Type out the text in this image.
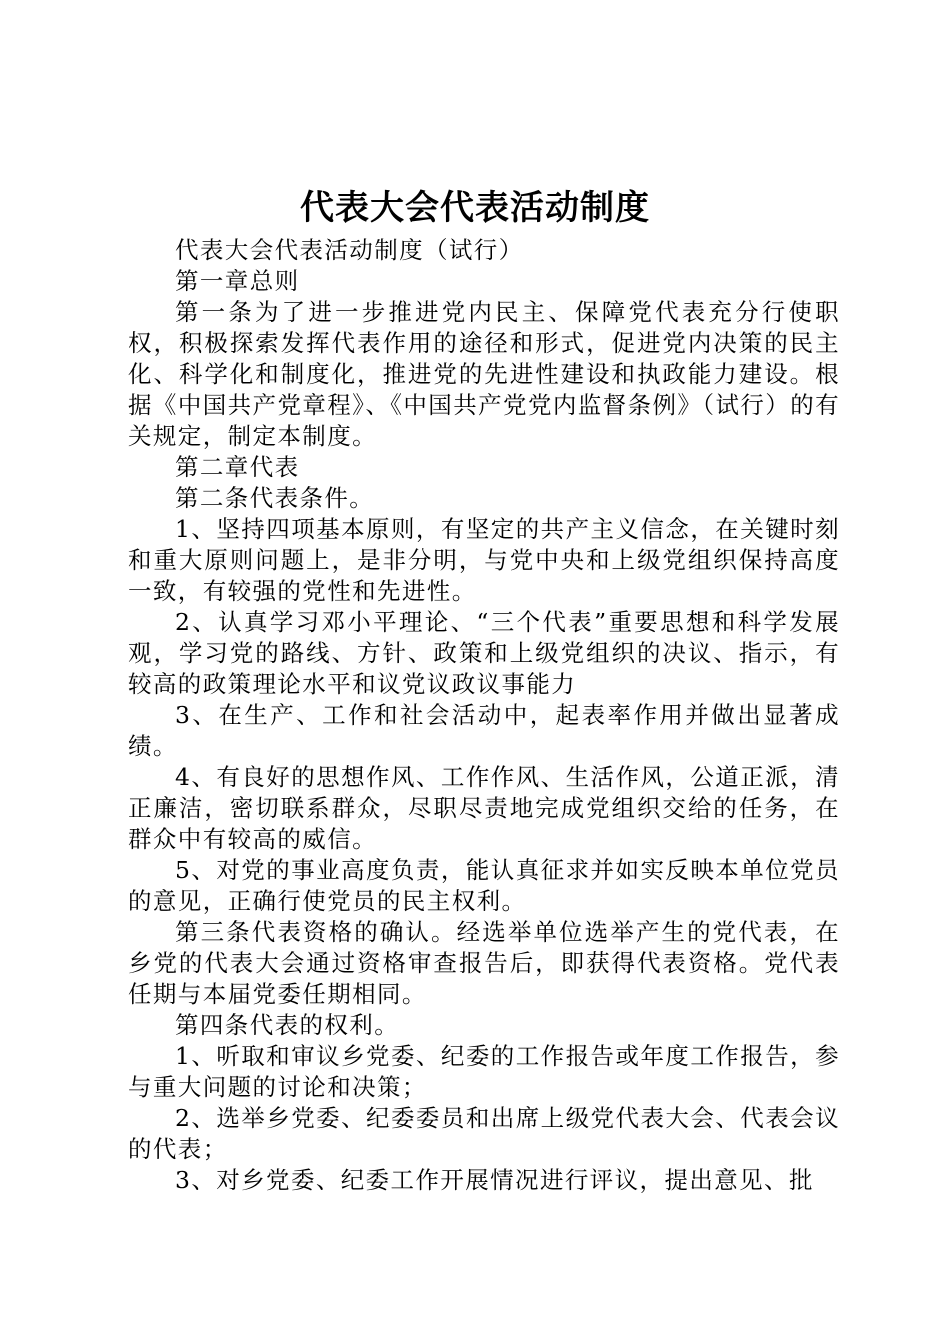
代表大会代表活动制度

代表大会代表活动制度（试行）

第一章总则

第一条为了进一步推进党内民主、保障党代表充分行使职权，积极探索发挥代表作用的途径和形式，促进党内决策的民主化、科学化和制度化，推进党的先进性建设和执政能力建设。根据《中国共产党章程》、《中国共产党党内监督条例》（试行）的有关规定，制定本制度。

第二章代表

第二条代表条件。

1、坚持四项基本原则，有坚定的共产主义信念，在关键时刻和重大原则问题上，是非分明，与党中央和上级党组织保持高度一致，有较强的党性和先进性。

2、认真学习邓小平理论、“三个代表”重要思想和科学发展观，学习党的路线、方针、政策和上级党组织的决议、指示，有较高的政策理论水平和议党议政议事能力

3、在生产、工作和社会活动中，起表率作用并做出显著成绩。

4、有良好的思想作风、工作作风、生活作风，公道正派，清正廉洁，密切联系群众，尽职尽责地完成党组织交给的任务，在群众中有较高的威信。

5、对党的事业高度负责，能认真征求并如实反映本单位党员的意见，正确行使党员的民主权利。

第三条代表资格的确认。经选举单位选举产生的党代表，在乡党的代表大会通过资格审查报告后，即获得代表资格。党代表任期与本届党委任期相同。

第四条代表的权利。

1、听取和审议乡党委、纪委的工作报告或年度工作报告，参与重大问题的讨论和决策；

2、选举乡党委、纪委委员和出席上级党代表大会、代表会议的代表；

3、对乡党委、纪委工作开展情况进行评议，提出意见、批
